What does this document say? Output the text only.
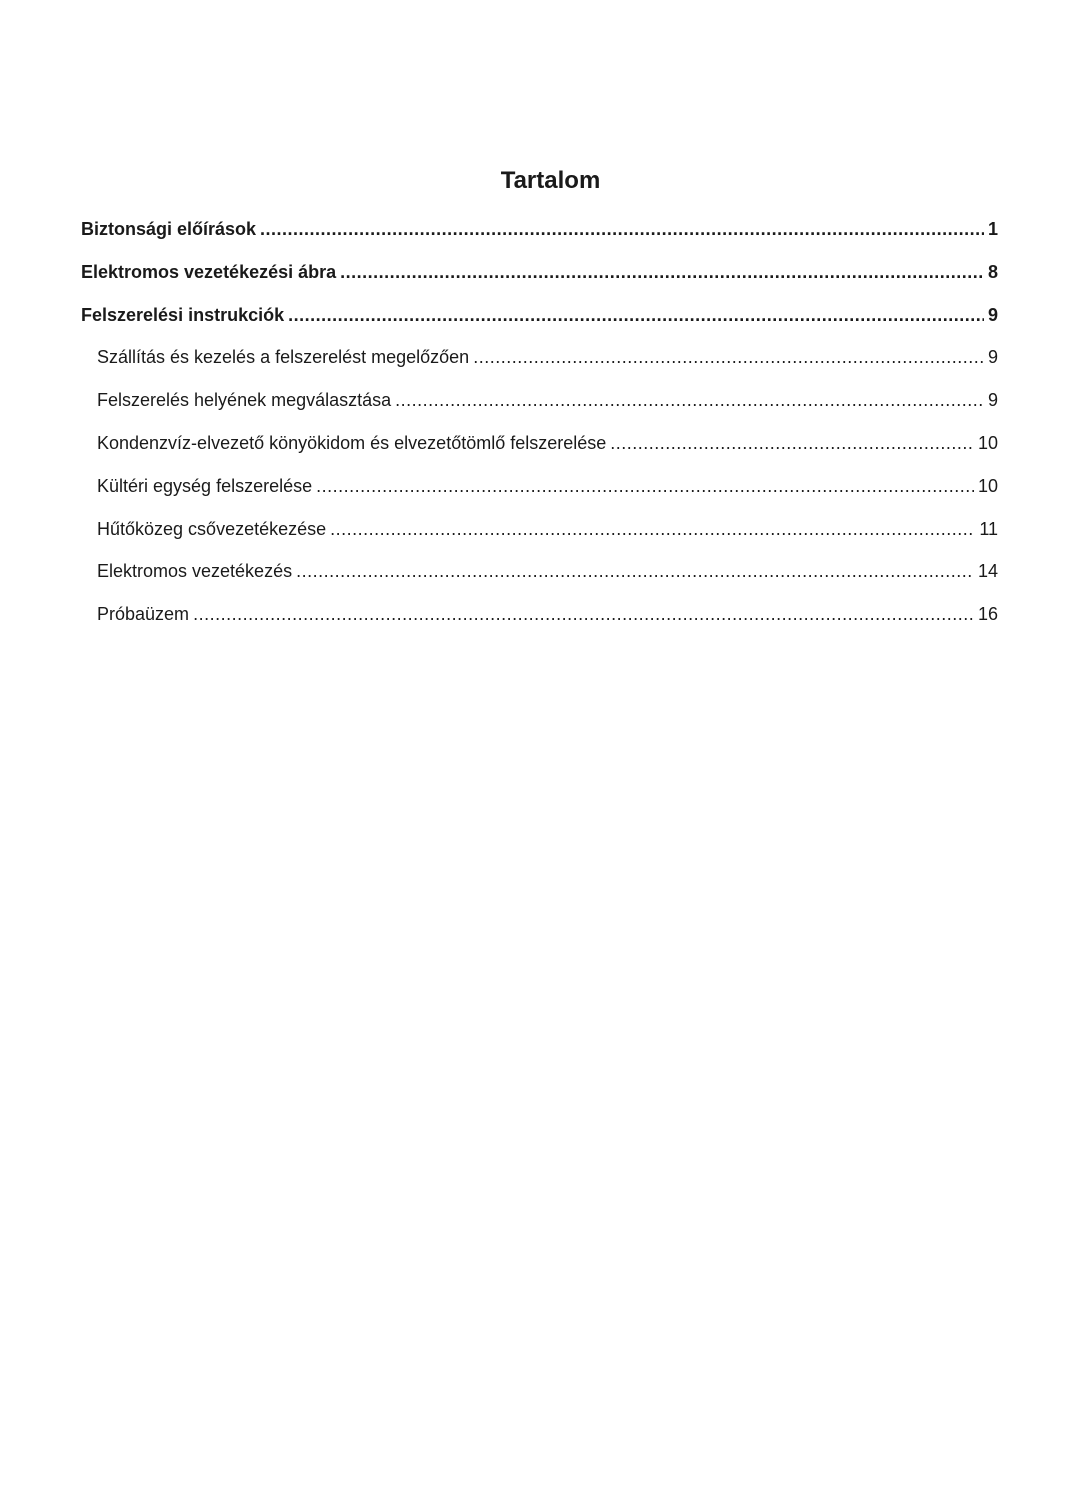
Tartalom
Biztonsági előírások .....	1
Elektromos vezetékezési ábra .....	8
Felszerelési instrukciók .....	9
Szállítás és kezelés a felszerelést megelőzően .....	9
Felszerelés helyének megválasztása .....	9
Kondenzvíz-elvezető könyökidom és elvezetőtömlő felszerelése .....	10
Kültéri egység felszerelése .....	10
Hűtőközeg csővezetékezése .....	11
Elektromos vezetékezés .....	14
Próbaüzem .....	16
